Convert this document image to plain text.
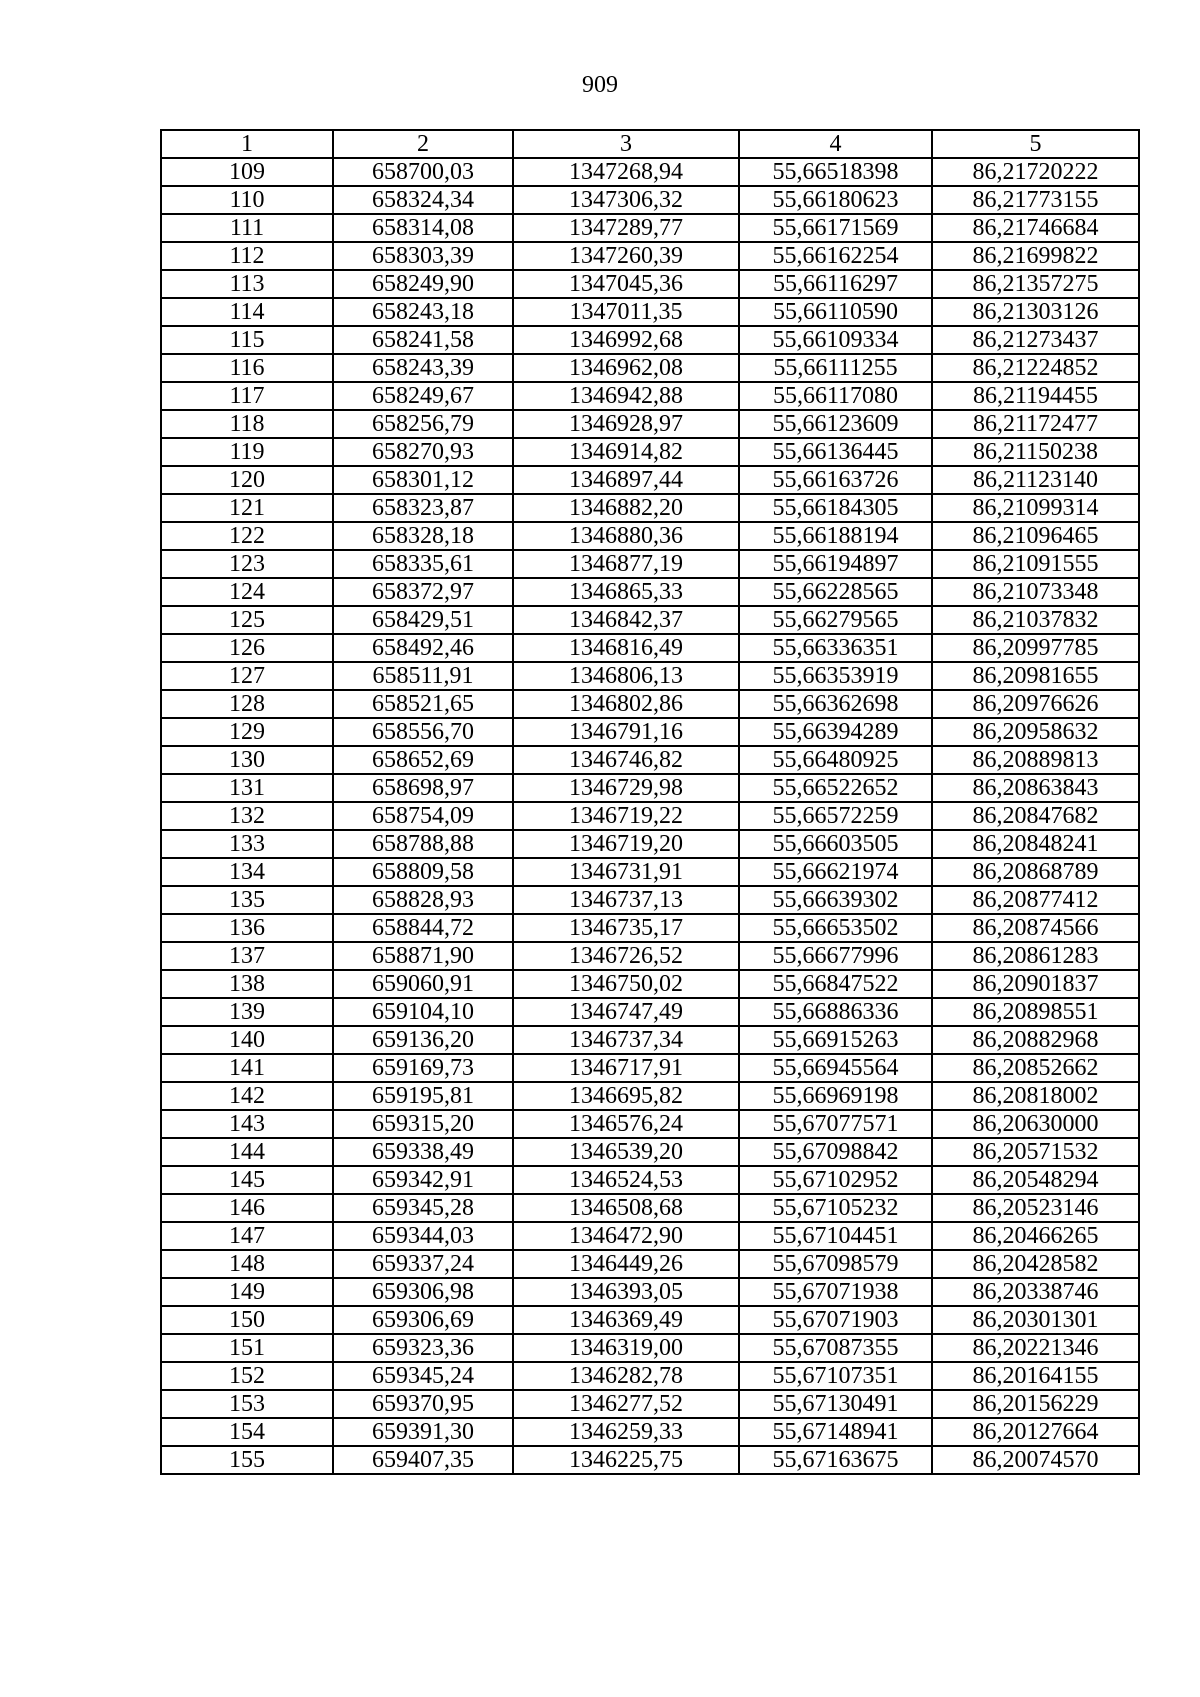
909
1	2	3	4	5
109	658700,03	1347268,94	55,66518398	86,21720222
110	658324,34	1347306,32	55,66180623	86,21773155
111	658314,08	1347289,77	55,66171569	86,21746684
112	658303,39	1347260,39	55,66162254	86,21699822
113	658249,90	1347045,36	55,66116297	86,21357275
114	658243,18	1347011,35	55,66110590	86,21303126
115	658241,58	1346992,68	55,66109334	86,21273437
116	658243,39	1346962,08	55,66111255	86,21224852
117	658249,67	1346942,88	55,66117080	86,21194455
118	658256,79	1346928,97	55,66123609	86,21172477
119	658270,93	1346914,82	55,66136445	86,21150238
120	658301,12	1346897,44	55,66163726	86,21123140
121	658323,87	1346882,20	55,66184305	86,21099314
122	658328,18	1346880,36	55,66188194	86,21096465
123	658335,61	1346877,19	55,66194897	86,21091555
124	658372,97	1346865,33	55,66228565	86,21073348
125	658429,51	1346842,37	55,66279565	86,21037832
126	658492,46	1346816,49	55,66336351	86,20997785
127	658511,91	1346806,13	55,66353919	86,20981655
128	658521,65	1346802,86	55,66362698	86,20976626
129	658556,70	1346791,16	55,66394289	86,20958632
130	658652,69	1346746,82	55,66480925	86,20889813
131	658698,97	1346729,98	55,66522652	86,20863843
132	658754,09	1346719,22	55,66572259	86,20847682
133	658788,88	1346719,20	55,66603505	86,20848241
134	658809,58	1346731,91	55,66621974	86,20868789
135	658828,93	1346737,13	55,66639302	86,20877412
136	658844,72	1346735,17	55,66653502	86,20874566
137	658871,90	1346726,52	55,66677996	86,20861283
138	659060,91	1346750,02	55,66847522	86,20901837
139	659104,10	1346747,49	55,66886336	86,20898551
140	659136,20	1346737,34	55,66915263	86,20882968
141	659169,73	1346717,91	55,66945564	86,20852662
142	659195,81	1346695,82	55,66969198	86,20818002
143	659315,20	1346576,24	55,67077571	86,20630000
144	659338,49	1346539,20	55,67098842	86,20571532
145	659342,91	1346524,53	55,67102952	86,20548294
146	659345,28	1346508,68	55,67105232	86,20523146
147	659344,03	1346472,90	55,67104451	86,20466265
148	659337,24	1346449,26	55,67098579	86,20428582
149	659306,98	1346393,05	55,67071938	86,20338746
150	659306,69	1346369,49	55,67071903	86,20301301
151	659323,36	1346319,00	55,67087355	86,20221346
152	659345,24	1346282,78	55,67107351	86,20164155
153	659370,95	1346277,52	55,67130491	86,20156229
154	659391,30	1346259,33	55,67148941	86,20127664
155	659407,35	1346225,75	55,67163675	86,20074570
